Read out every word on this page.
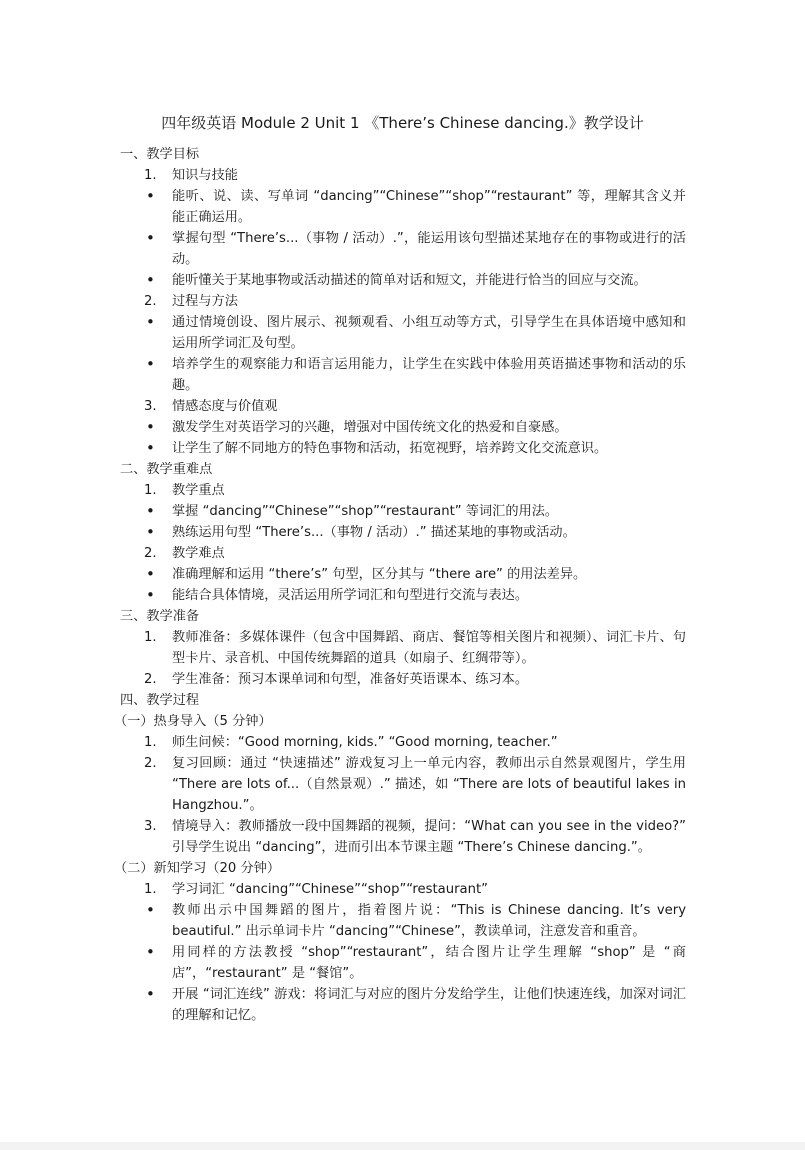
四年级英语 Module 2 Unit 1 《There’s Chinese dancing.》教学设计

一、教学目标

1. 知识与技能
• 能听、说、读、写单词 “dancing”“Chinese”“shop”“restaurant” 等，理解其含义并能正确运用。
• 掌握句型 “There’s...（事物 / 活动）.”，能运用该句型描述某地存在的事物或进行的活动。
• 能听懂关于某地事物或活动描述的简单对话和短文，并能进行恰当的回应与交流。
2. 过程与方法
• 通过情境创设、图片展示、视频观看、小组互动等方式，引导学生在具体语境中感知和运用所学词汇及句型。
• 培养学生的观察能力和语言运用能力，让学生在实践中体验用英语描述事物和活动的乐趣。
3. 情感态度与价值观
• 激发学生对英语学习的兴趣，增强对中国传统文化的热爱和自豪感。
• 让学生了解不同地方的特色事物和活动，拓宽视野，培养跨文化交流意识。

二、教学重难点

1. 教学重点
• 掌握 “dancing”“Chinese”“shop”“restaurant” 等词汇的用法。
• 熟练运用句型 “There’s...（事物 / 活动）.” 描述某地的事物或活动。
2. 教学难点
• 准确理解和运用 “there’s” 句型，区分其与 “there are” 的用法差异。
• 能结合具体情境，灵活运用所学词汇和句型进行交流与表达。

三、教学准备

1. 教师准备：多媒体课件（包含中国舞蹈、商店、餐馆等相关图片和视频）、词汇卡片、句型卡片、录音机、中国传统舞蹈的道具（如扇子、红绸带等）。
2. 学生准备：预习本课单词和句型，准备好英语课本、练习本。

四、教学过程

（一）热身导入（5 分钟）

1. 师生问候：“Good morning, kids.” “Good morning, teacher.”
2. 复习回顾：通过 “快速描述” 游戏复习上一单元内容，教师出示自然景观图片，学生用 “There are lots of...（自然景观）.” 描述，如 “There are lots of beautiful lakes in Hangzhou.”。
3. 情境导入：教师播放一段中国舞蹈的视频，提问：“What can you see in the video?” 引导学生说出 “dancing”，进而引出本节课主题 “There’s Chinese dancing.”。

（二）新知学习（20 分钟）

1. 学习词汇 “dancing”“Chinese”“shop”“restaurant”
• 教师出示中国舞蹈的图片，指着图片说：“This is Chinese dancing. It’s very beautiful.” 出示单词卡片 “dancing”“Chinese”，教读单词，注意发音和重音。
• 用同样的方法教授 “shop”“restaurant”，结合图片让学生理解 “shop” 是 “商店”，“restaurant” 是 “餐馆”。
• 开展 “词汇连线” 游戏：将词汇与对应的图片分发给学生，让他们快速连线，加深对词汇的理解和记忆。
